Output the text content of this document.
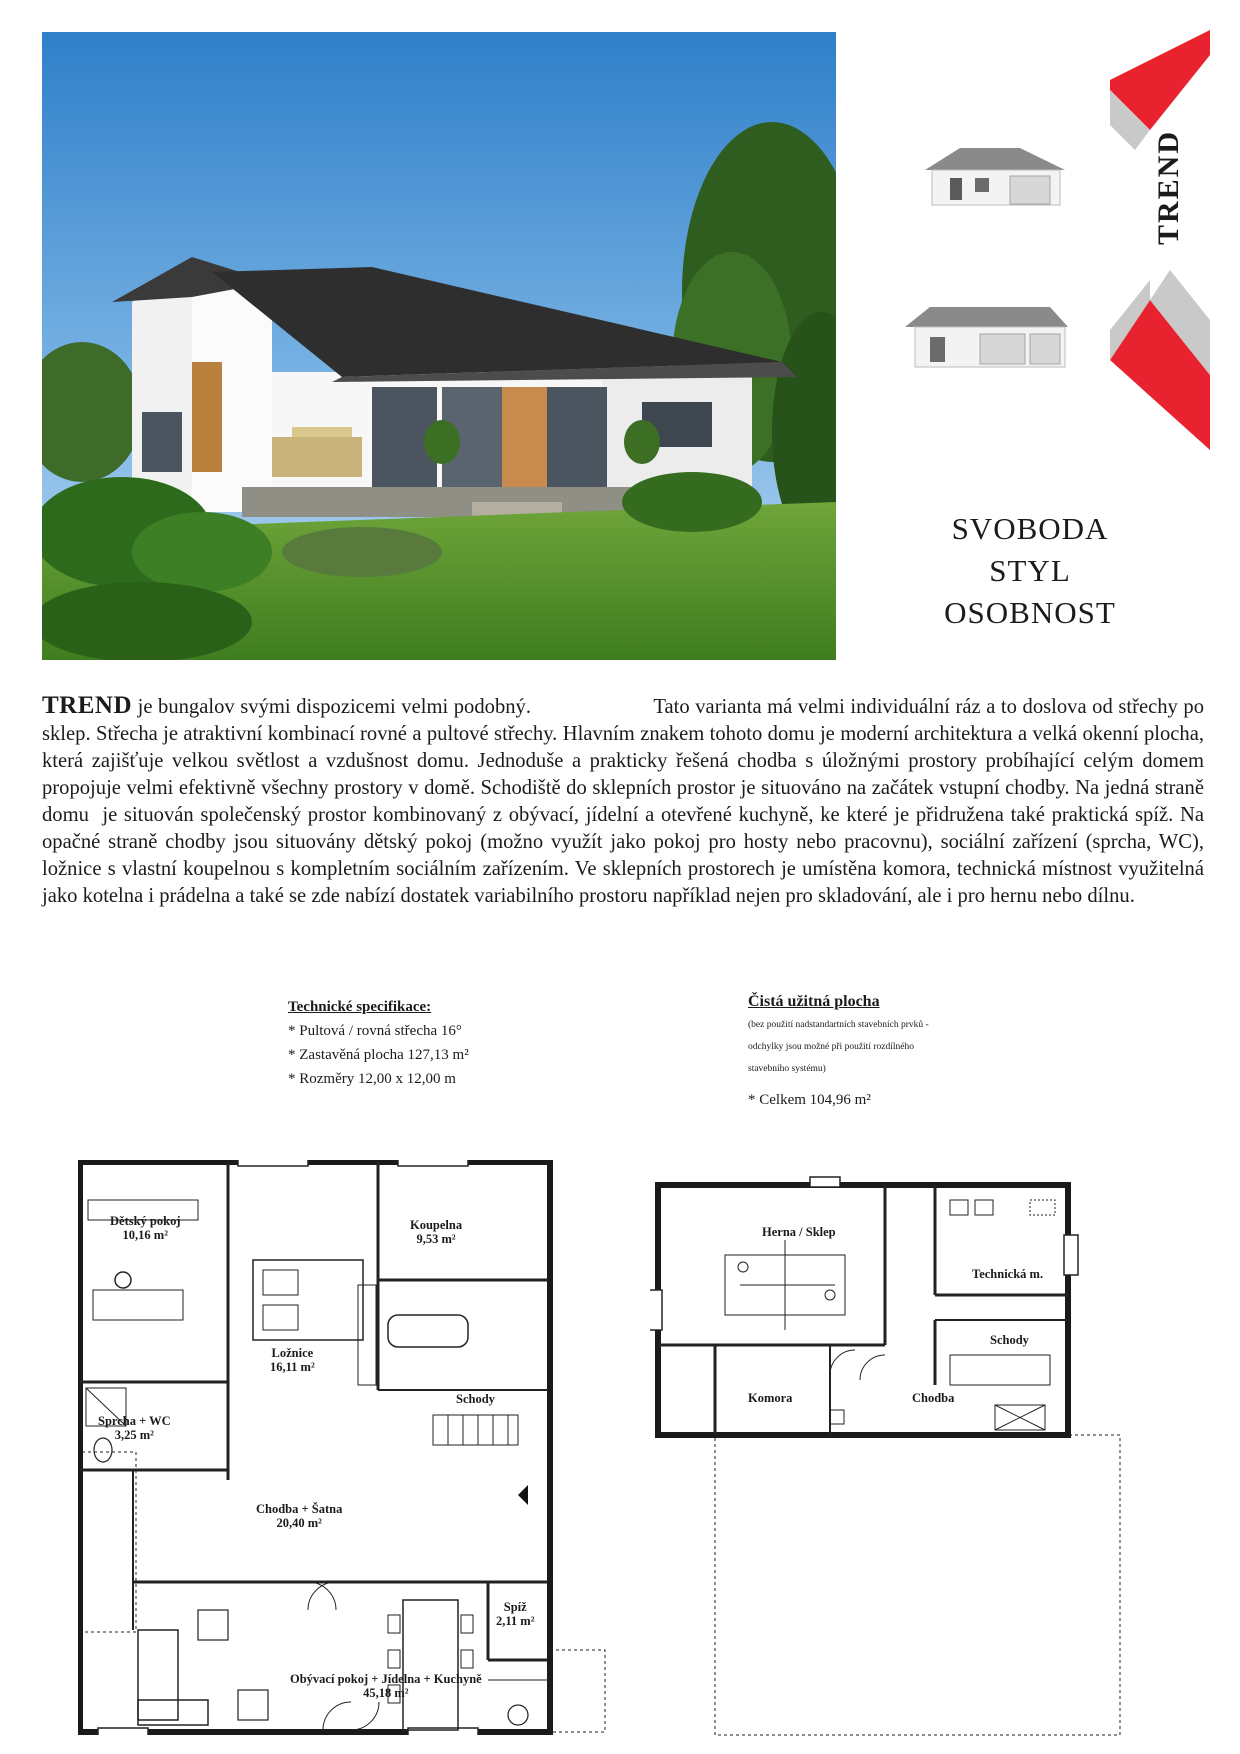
TREND
SVOBODA
STYL
OSOBNOST
TREND je bungalov svými dispozicemi velmi podobný.                      Tato varianta má velmi individuální ráz a to doslova od střechy po sklep. Střecha je atraktivní kombinací rovné a pultové střechy. Hlavním znakem tohoto domu je moderní architektura a velká okenní plocha, která zajišťuje velkou světlost a vzdušnost domu. Jednoduše a prakticky řešená chodba s úložnými prostory probíhající celým domem propojuje velmi efektivně všechny prostory v domě. Schodiště do sklepních prostor je situováno na začátek vstupní chodby. Na jedná straně domu  je situován společenský prostor kombinovaný z obývací, jídelní a otevřené kuchyně, ke které je přidružena také praktická spíž. Na opačné straně chodby jsou situovány dětský pokoj (možno využít jako pokoj pro hosty nebo pracovnu), sociální zařízení (sprcha, WC), ložnice s vlastní koupelnou s kompletním sociálním zařízením. Ve sklepních prostorech je umístěna komora, technická místnost využitelná jako kotelna i prádelna a také se zde nabízí dostatek variabilního prostoru například nejen pro skladování, ale i pro hernu nebo dílnu.
Technické specifikace:
* Pultová / rovná střecha 16°
* Zastavěná plocha 127,13 m²
* Rozměry 12,00 x 12,00 m
Čistá užitná plocha
(bez použití nadstandartních stavebních prvků -
odchylky jsou možné při použití rozdílného
stavebního systému)
* Celkem 104,96 m²
Dětský pokoj
10,16 m²
Koupelna
9,53 m²
Ložnice
16,11 m²
Schody
Sprcha + WC
3,25 m²
Chodba + Šatna
20,40 m²
Spíž
2,11 m²
Obývací pokoj + Jídelna + Kuchyně
45,18 m²
Herna / Sklep
Technická m.
Schody
Komora	Chodba
